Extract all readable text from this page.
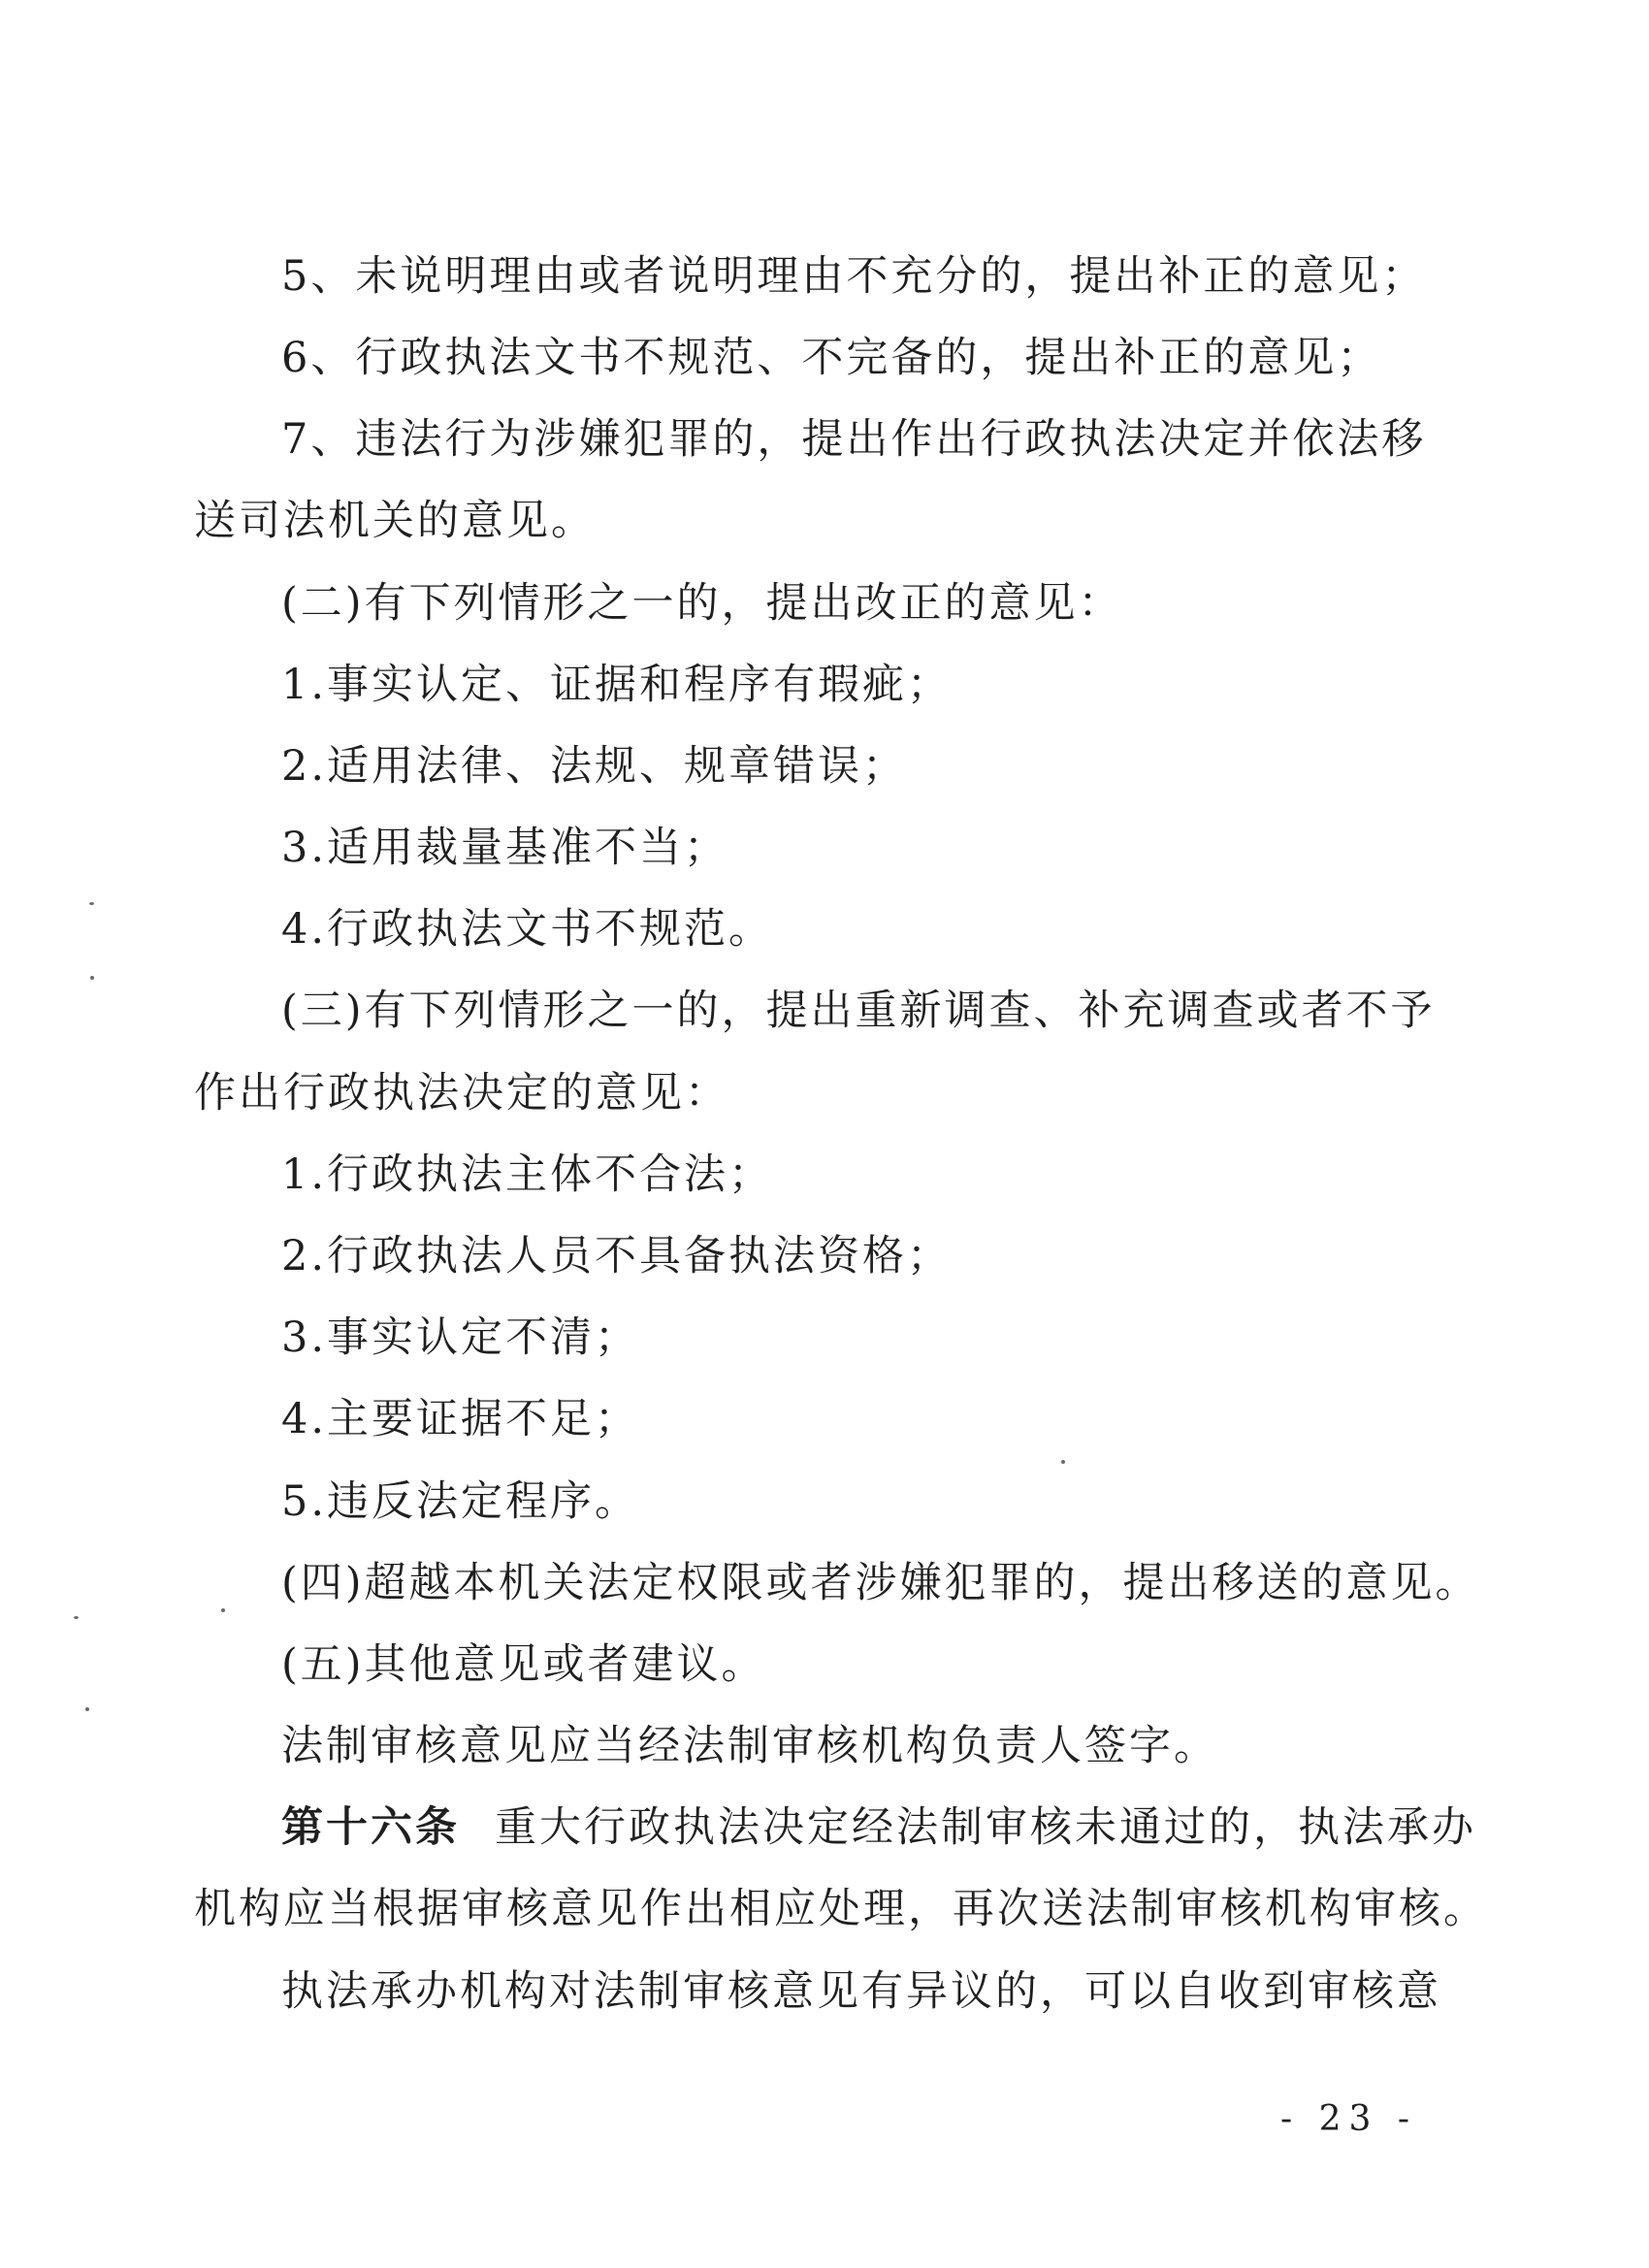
5、未说明理由或者说明理由不充分的，提出补正的意见；
6、行政执法文书不规范、不完备的，提出补正的意见；
7、违法行为涉嫌犯罪的，提出作出行政执法决定并依法移
送司法机关的意见。
(二)有下列情形之一的，提出改正的意见：
1.事实认定、证据和程序有瑕疵；
2.适用法律、法规、规章错误；
3.适用裁量基准不当；
4.行政执法文书不规范。
(三)有下列情形之一的，提出重新调查、补充调查或者不予
作出行政执法决定的意见：
1.行政执法主体不合法；
2.行政执法人员不具备执法资格；
3.事实认定不清；
4.主要证据不足；
5.违反法定程序。
(四)超越本机关法定权限或者涉嫌犯罪的，提出移送的意见。
(五)其他意见或者建议。
法制审核意见应当经法制审核机构负责人签字。
第十六条 重大行政执法决定经法制审核未通过的，执法承办
机构应当根据审核意见作出相应处理，再次送法制审核机构审核。
执法承办机构对法制审核意见有异议的，可以自收到审核意
- 23 -
